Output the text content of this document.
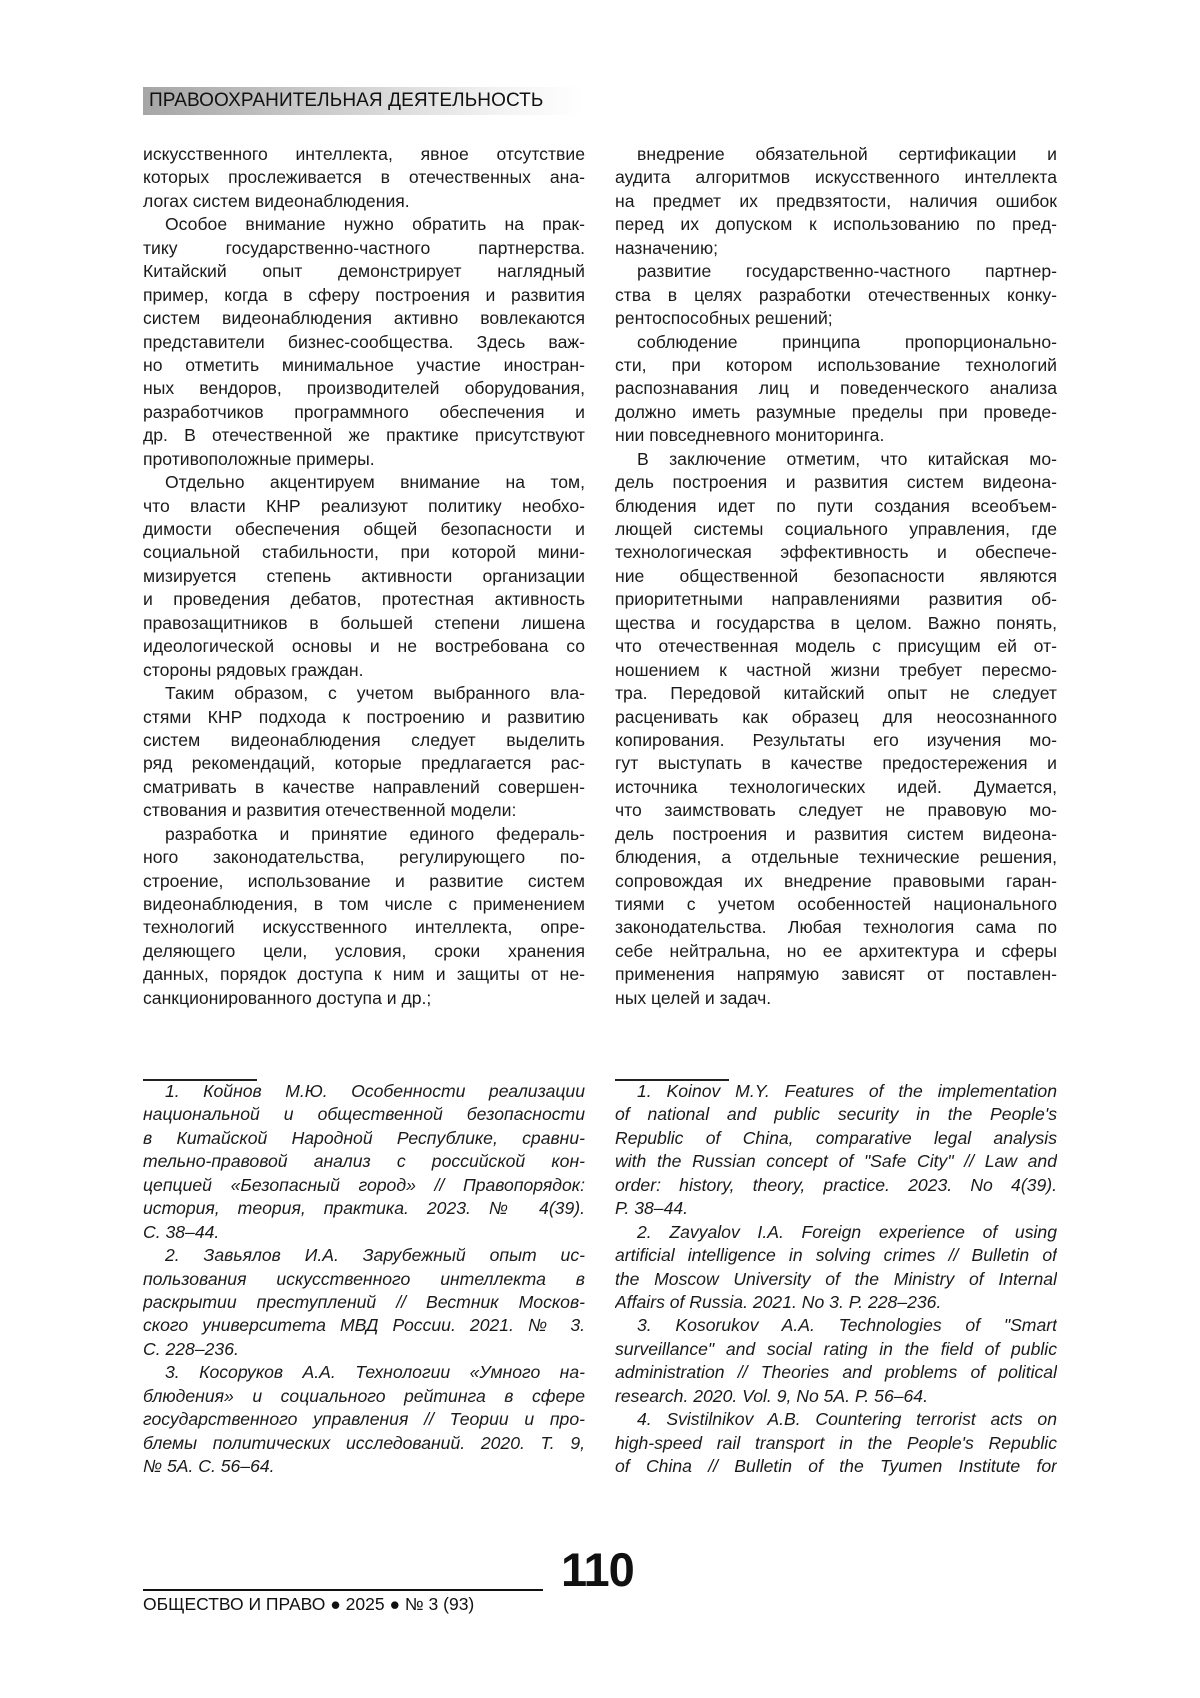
ПРАВООХРАНИТЕЛЬНАЯ ДЕЯТЕЛЬНОСТЬ
искусственного интеллекта, явное отсутствие
которых прослеживается в отечественных ана-
логах систем видеонаблюдения.
Особое внимание нужно обратить на прак-
тику государственно-частного партнерства.
Китайский опыт демонстрирует наглядный
пример, когда в сферу построения и развития
систем видеонаблюдения активно вовлекаются
представители бизнес-сообщества. Здесь важ-
но отметить минимальное участие иностран-
ных вендоров, производителей оборудования,
разработчиков программного обеспечения и
др. В отечественной же практике присутствуют
противоположные примеры.
Отдельно акцентируем внимание на том,
что власти КНР реализуют политику необхо-
димости обеспечения общей безопасности и
социальной стабильности, при которой мини-
мизируется степень активности организации
и проведения дебатов, протестная активность
правозащитников в большей степени лишена
идеологической основы и не востребована со
стороны рядовых граждан.
Таким образом, с учетом выбранного вла-
стями КНР подхода к построению и развитию
систем видеонаблюдения следует выделить
ряд рекомендаций, которые предлагается рас-
сматривать в качестве направлений совершен-
ствования и развития отечественной модели:
разработка и принятие единого федераль-
ного законодательства, регулирующего по-
строение, использование и развитие систем
видеонаблюдения, в том числе с применением
технологий искусственного интеллекта, опре-
деляющего цели, условия, сроки хранения
данных, порядок доступа к ним и защиты от не-
санкционированного доступа и др.;
внедрение обязательной сертификации и
аудита алгоритмов искусственного интеллекта
на предмет их предвзятости, наличия ошибок
перед их допуском к использованию по пред-
назначению;
развитие государственно-частного партнер-
ства в целях разработки отечественных конку-
рентоспособных решений;
соблюдение принципа пропорционально-
сти, при котором использование технологий
распознавания лиц и поведенческого анализа
должно иметь разумные пределы при проведе-
нии повседневного мониторинга.
В заключение отметим, что китайская мо-
дель построения и развития систем видеона-
блюдения идет по пути создания всеобъем-
лющей системы социального управления, где
технологическая эффективность и обеспече-
ние общественной безопасности являются
приоритетными направлениями развития об-
щества и государства в целом. Важно понять,
что отечественная модель с присущим ей от-
ношением к частной жизни требует пересмо-
тра. Передовой китайский опыт не следует
расценивать как образец для неосознанного
копирования. Результаты его изучения мо-
гут выступать в качестве предостережения и
источника технологических идей. Думается,
что заимствовать следует не правовую мо-
дель построения и развития систем видеона-
блюдения, а отдельные технические решения,
сопровождая их внедрение правовыми гаран-
тиями с учетом особенностей национального
законодательства. Любая технология сама по
себе нейтральна, но ее архитектура и сферы
применения напрямую зависят от поставлен-
ных целей и задач.
1. Койнов М.Ю. Особенности реализации
национальной и общественной безопасности
в Китайской Народной Республике, сравни-
тельно-правовой анализ с российской кон-
цепцией «Безопасный город» // Правопорядок:
история, теория, практика. 2023. № 4(39).
С. 38–44.
2. Завьялов И.А. Зарубежный опыт ис-
пользования искусственного интеллекта в
раскрытии преступлений // Вестник Москов-
ского университета МВД России. 2021. № 3.
С. 228–236.
3. Косоруков А.А. Технологии «Умного на-
блюдения» и социального рейтинга в сфере
государственного управления // Теории и про-
блемы политических исследований. 2020. Т. 9,
№ 5А. С. 56–64.
1. Koinov M.Y. Features of the implementation
of national and public security in the People's
Republic of China, comparative legal analysis
with the Russian concept of "Safe City" // Law and
order: history, theory, practice. 2023. No 4(39).
P. 38–44.
2. Zavyalov I.A. Foreign experience of using
artificial intelligence in solving crimes // Bulletin of
the Moscow University of the Ministry of Internal
Affairs of Russia. 2021. No 3. P. 228–236.
3. Kosorukov A.A. Technologies of "Smart
surveillance" and social rating in the field of public
administration // Theories and problems of political
research. 2020. Vol. 9, No 5A. P. 56–64.
4. Svistilnikov A.B. Countering terrorist acts on
high-speed rail transport in the People's Republic
of China // Bulletin of the Tyumen Institute for
110
ОБЩЕСТВО И ПРАВО ● 2025 ● № 3 (93)
